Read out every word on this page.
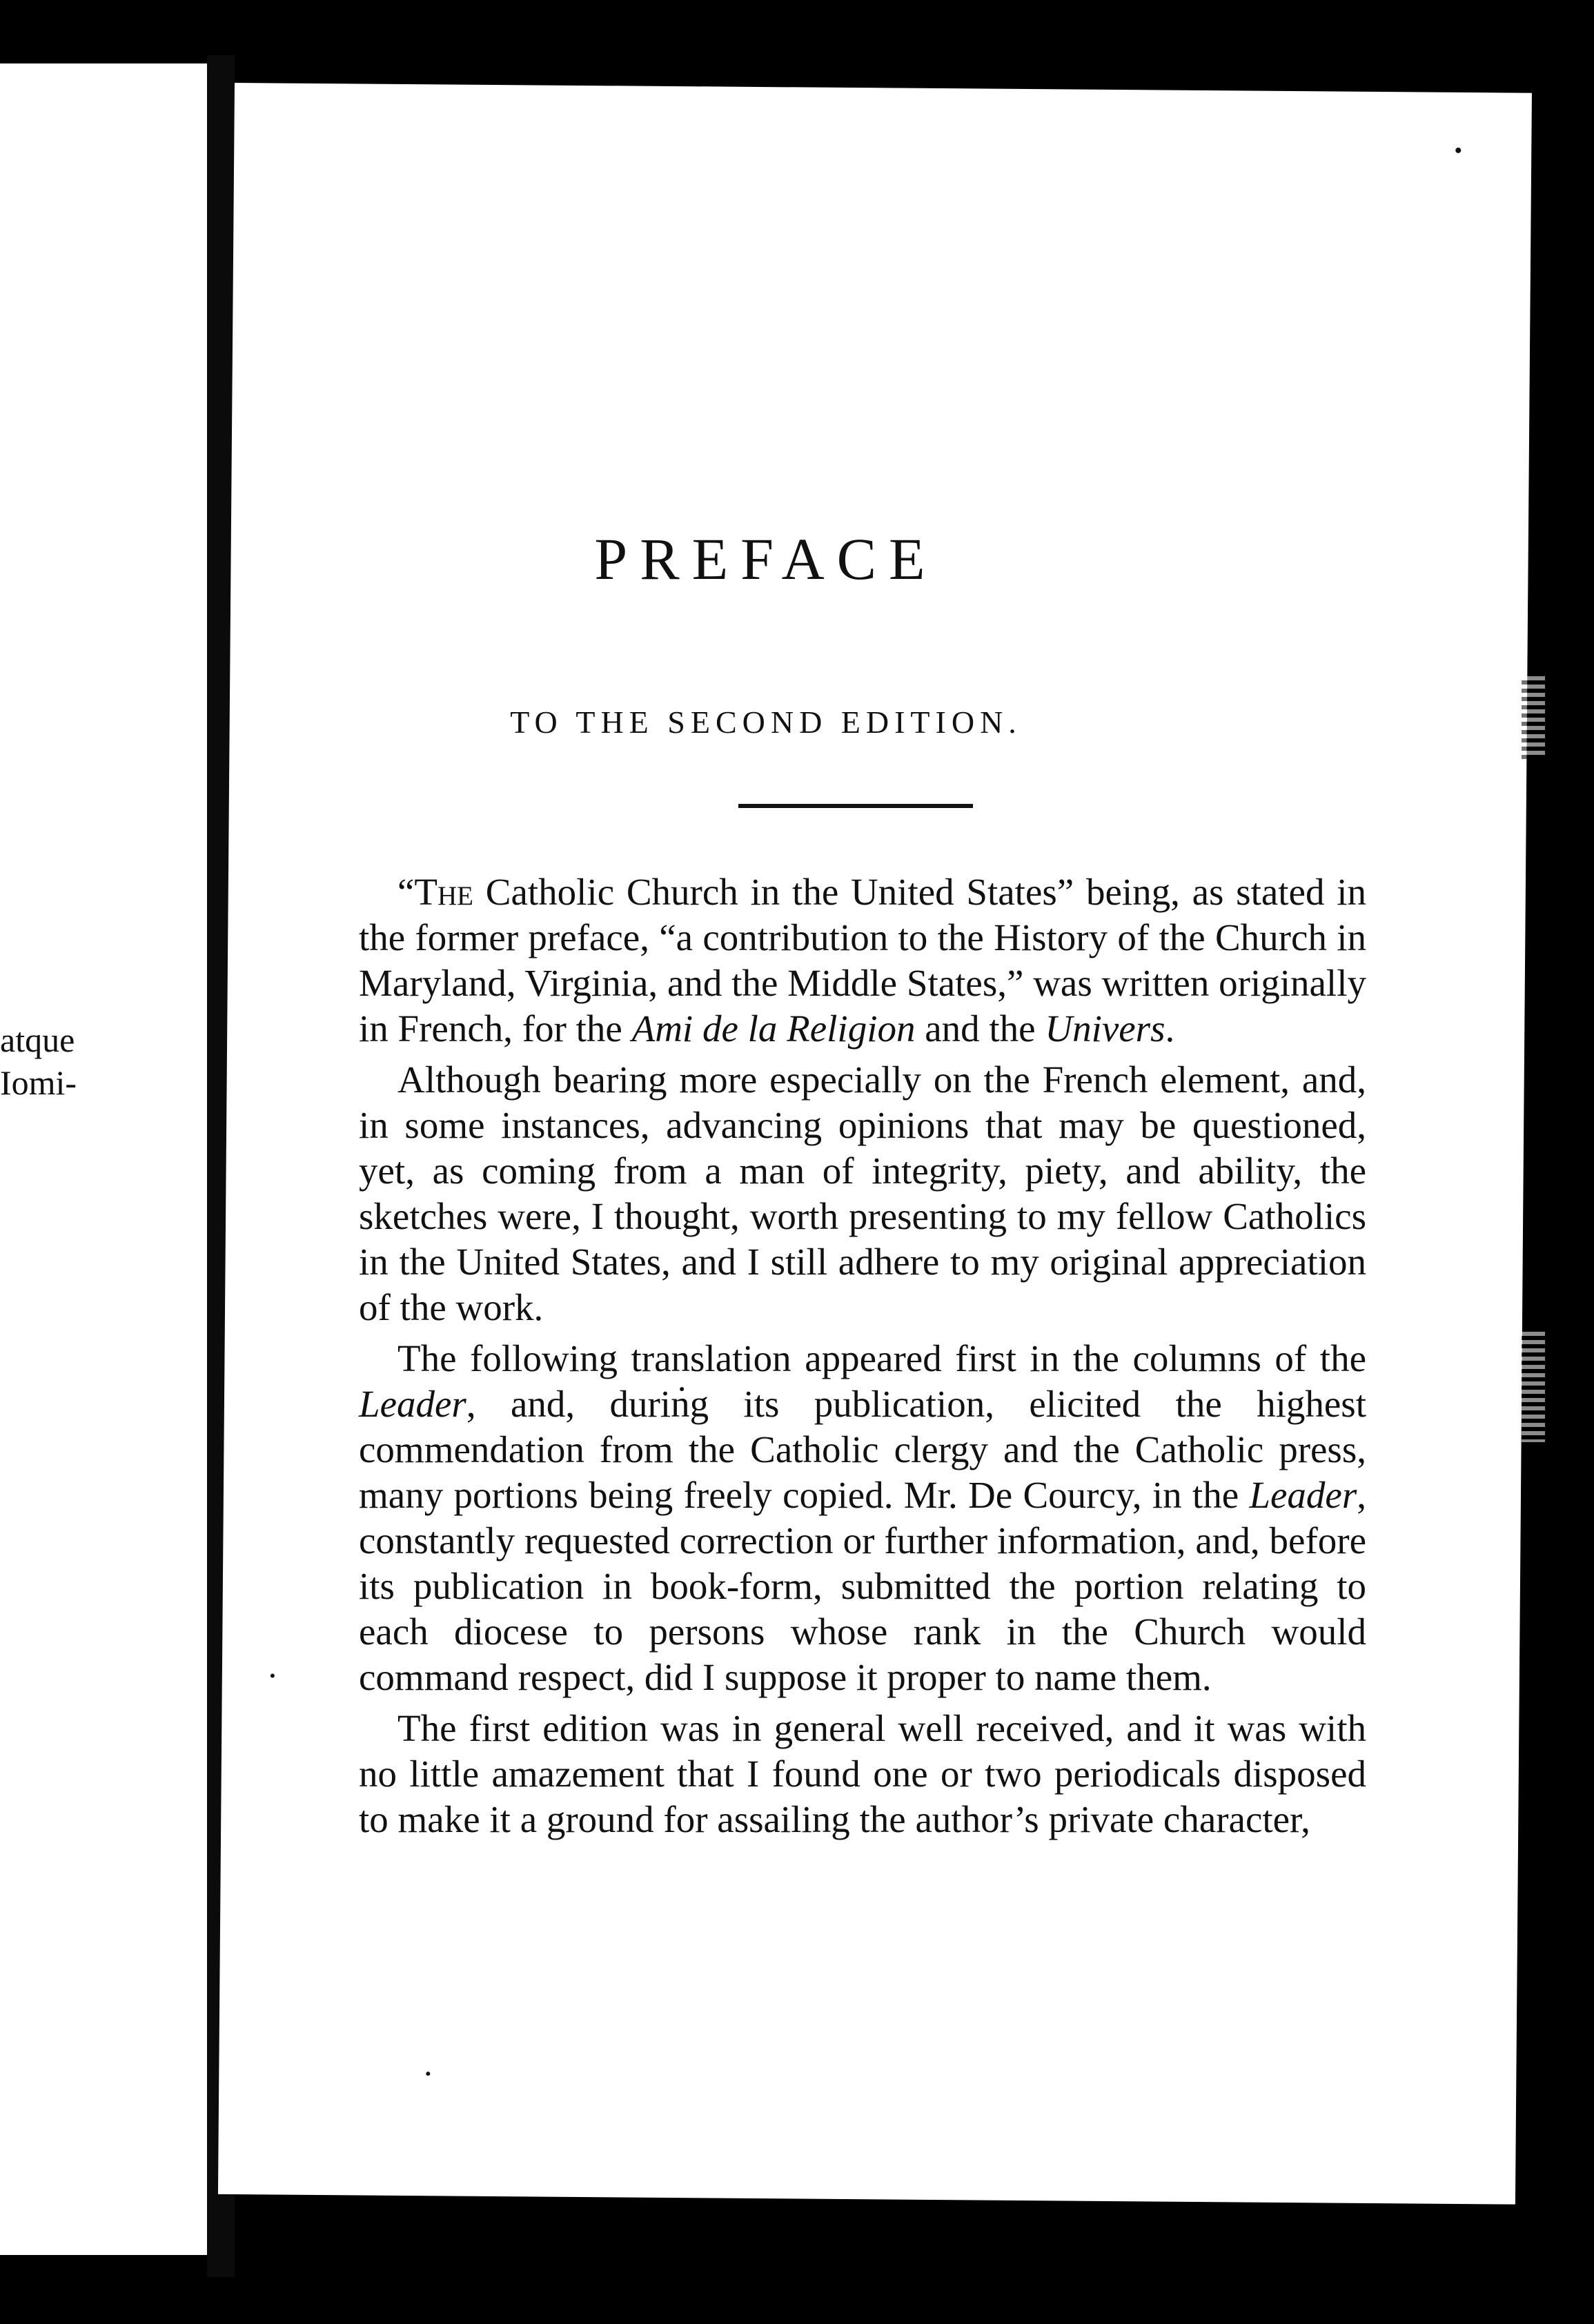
atque
Iomi-
PREFACE
TO THE SECOND EDITION.

“The Catholic Church in the United States” being, as stated in the former preface, “a contribution to the History of the Church in Maryland, Virginia, and the Middle States,” was written originally in French, for the Ami de la Religion and the Univers.

Although bearing more especially on the French element, and, in some instances, advancing opinions that may be questioned, yet, as coming from a man of integrity, piety, and ability, the sketches were, I thought, worth presenting to my fellow Catholics in the United States, and I still adhere to my original appreciation of the work.

The following translation appeared first in the columns of the Leader, and, during its publication, elicited the highest commendation from the Catholic clergy and the Catholic press, many portions being freely copied. Mr. De Courcy, in the Leader, constantly requested correction or further information, and, before its publication in book-form, submitted the portion relating to each diocese to persons whose rank in the Church would command respect, did I suppose it proper to name them.

The first edition was in general well received, and it was with no little amazement that I found one or two periodicals disposed to make it a ground for assailing the author’s private character,
